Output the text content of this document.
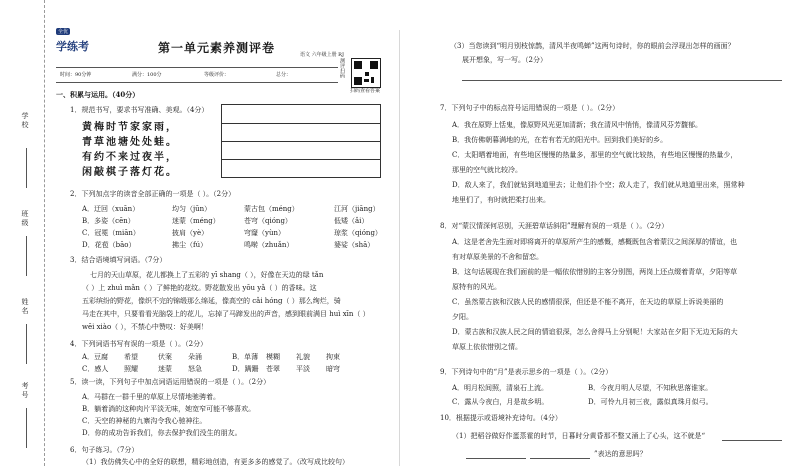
学校
班级
姓名
考号
全优
学练考	第一单元素养测评卷	语文 六年级上册 RJ
测评扫码
扫码查看答案
时间：90分钟	满分：100分	等级评价：	总分：
一、积累与运用。（40分）
1．规范书写，要求书写准确、美观。（4分）
黄梅时节家家雨，
青草池塘处处蛙。
有约不来过夜半，
闲敲棋子落灯花。
2．下列加点字的读音全部正确的一项是（ ）。（2分）
A．迂回（xuān）	均匀（jūn）	蒙古包（méng）	江河（jiāng）
B．多姿（cēn）	迷蒙（méng）	苍穹（qióng）	低矮（ǎi）
C．冠冕（miān）	披肩（yè）	穹窿（yùn）	琼浆（qióng）
D．花苞（bāo）	拂尘（fú）	鸣啭（zhuǎn）	婆娑（shā）
3．结合语境填写词语。（7分）
七月的天山草原，花儿都换上了五彩的 yī shang（ ），好像在天边的绿 tǎn
（ ）上 zhuì mǎn（ ）了鲜艳的花纹。野花散发出 yōu yǎ（ ）的香味。这
五彩缤纷的野花，像织不完的锦缎那么绵延，像高空的 cǎi hóng（ ）那么绚烂，骑
马走在其中，只要看看光脑袋上的花儿，忘掉了马蹄发出的声音，感到眼前满目 huì xīn（ ）
wēi xiào（ ），不禁心中赞叹：好美啊！
4．下列词语书写有误的一项是（ ）。（2分）
A．豆腐 希望	伏案 朵涌	B．单薄 模糊 礼貌 拘束
C．感人 照耀	迷蒙 怒急	D．蹒跚 苍翠 平淡 暗穹
5．读一读，下列句子中加点词语运用错误的一项是（ ）。（2分）
A．马群在一群千里的草原上尽情地驰骋着。
B．躺着淌的这种肉片平淡无味，她宽窄可能不够喜欢。
C．天空的神秘的九寨沟令我心驰神往。
D．你的成功告诉我们，你去保护我们没生的朋友。
6．句子练习。（7分）
（1）我仿佛失心中的全好的联想，精彩地创造，有更多多的感觉了。（改写成比较句）
（3）当您读到“明月别枝惊鹊，清风半夜鸣蝉”这两句诗时，你的眼前会浮现出怎样的画面？
展开想象，写一写。（2分）
7．下列句子中的标点符号运用错误的一项是（ ）。（2分）
A．我在原野上恬鬼，像原野风光更加清新；我在清风中悄悄，像清风芬芳馥郁。
B．我仿佛朝暮满地的光，在若有若无的阳光中。回到我们美好的乡。
C．太阳晒着地面，有些地区慢慢的热量多，那里的空气就比较热，有些地区慢慢的热量少，
那里的空气就比较冷。
D．敌人来了，我们就钻到地道里去；让他们扑个空；敌人走了，我们就从地道里出来，照常种
地里们了，有时就把柔打出来。
8．对“蒙汉情深何忍别，天涯碧草话斜阳”理解有误的一项是（ ）。（2分）
A．这是老舍先生面对即将离开的草原所产生的感慨，感概既包含着蒙汉之间深厚的情谊，也
有对草原美景的不舍和留恋。
B．这句话展现在我们面前的是一幅依依惜别的主客分别图，两岗上还点缀着青草，夕阳等草
原特有的风光。
C．虽然蒙古族和汉族人民的感情很深，但还是不能不离开，在天边的草原上诉说美丽的
夕阳。
D．蒙古族和汉族人民之间的情谊很深，怎么舍得马上分别呢！大家站在夕阳下无边无际的大
草原上依依惜别之情。
9．下列诗句中的“月”是表示思乡的一项是（ ）。（2分）
A．明月松间照，清泉石上流。	B．今夜月明人尽望，不知秋思落谁家。
C．露从今夜白，月是故乡明。	D．可怜九月初三夜，露似真珠月似弓。
10．根据提示或语境补充诗句。（4分）
（1）把稻谷做好作蛋蒸霍的时节，日暮时分黄昏那不整又涌上了心头，这不就是“
”表达的意思吗？
